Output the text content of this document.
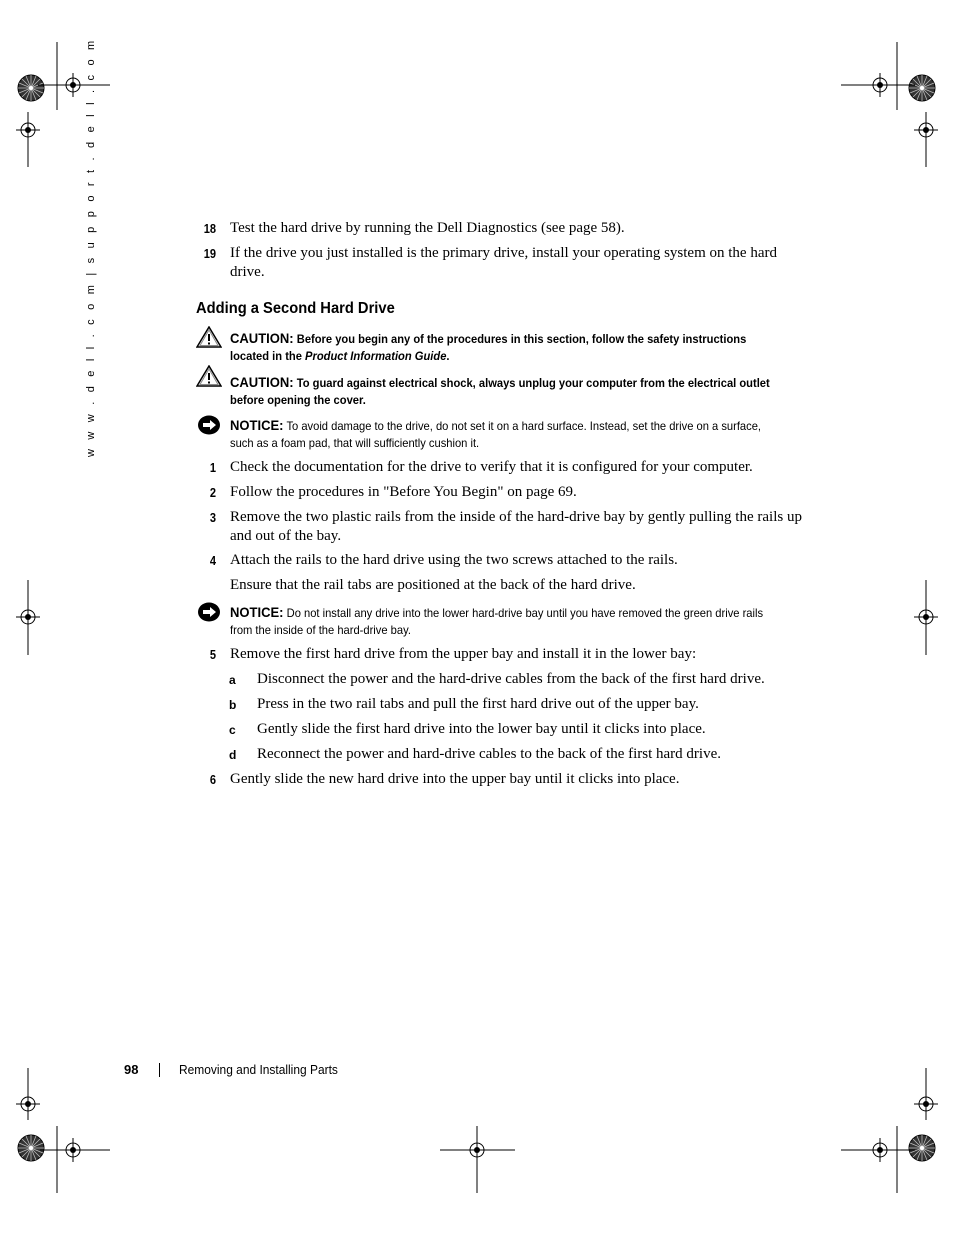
w w w . d e l l . c o m | s u p p o r t . d e l l . c o m	18 Test the hard drive by running the Dell Diagnostics (see page 58).
19 If the drive you just installed is the primary drive, install your operating system on the hard drive.
Adding a Second Hard Drive
CAUTION: Before you begin any of the procedures in this section, follow the safety instructions located in the Product Information Guide.
CAUTION: To guard against electrical shock, always unplug your computer from the electrical outlet before opening the cover.
NOTICE: To avoid damage to the drive, do not set it on a hard surface. Instead, set the drive on a surface, such as a foam pad, that will sufficiently cushion it.
1 Check the documentation for the drive to verify that it is configured for your computer.
2 Follow the procedures in "Before You Begin" on page 69.
3 Remove the two plastic rails from the inside of the hard-drive bay by gently pulling the rails up and out of the bay.
4 Attach the rails to the hard drive using the two screws attached to the rails.
Ensure that the rail tabs are positioned at the back of the hard drive.
NOTICE: Do not install any drive into the lower hard-drive bay until you have removed the green drive rails from the inside of the hard-drive bay.
5 Remove the first hard drive from the upper bay and install it in the lower bay:
a Disconnect the power and the hard-drive cables from the back of the first hard drive.
b Press in the two rail tabs and pull the first hard drive out of the upper bay.
c Gently slide the first hard drive into the lower bay until it clicks into place.
d Reconnect the power and hard-drive cables to the back of the first hard drive.
6 Gently slide the new hard drive into the upper bay until it clicks into place.
98	Removing and Installing Parts
